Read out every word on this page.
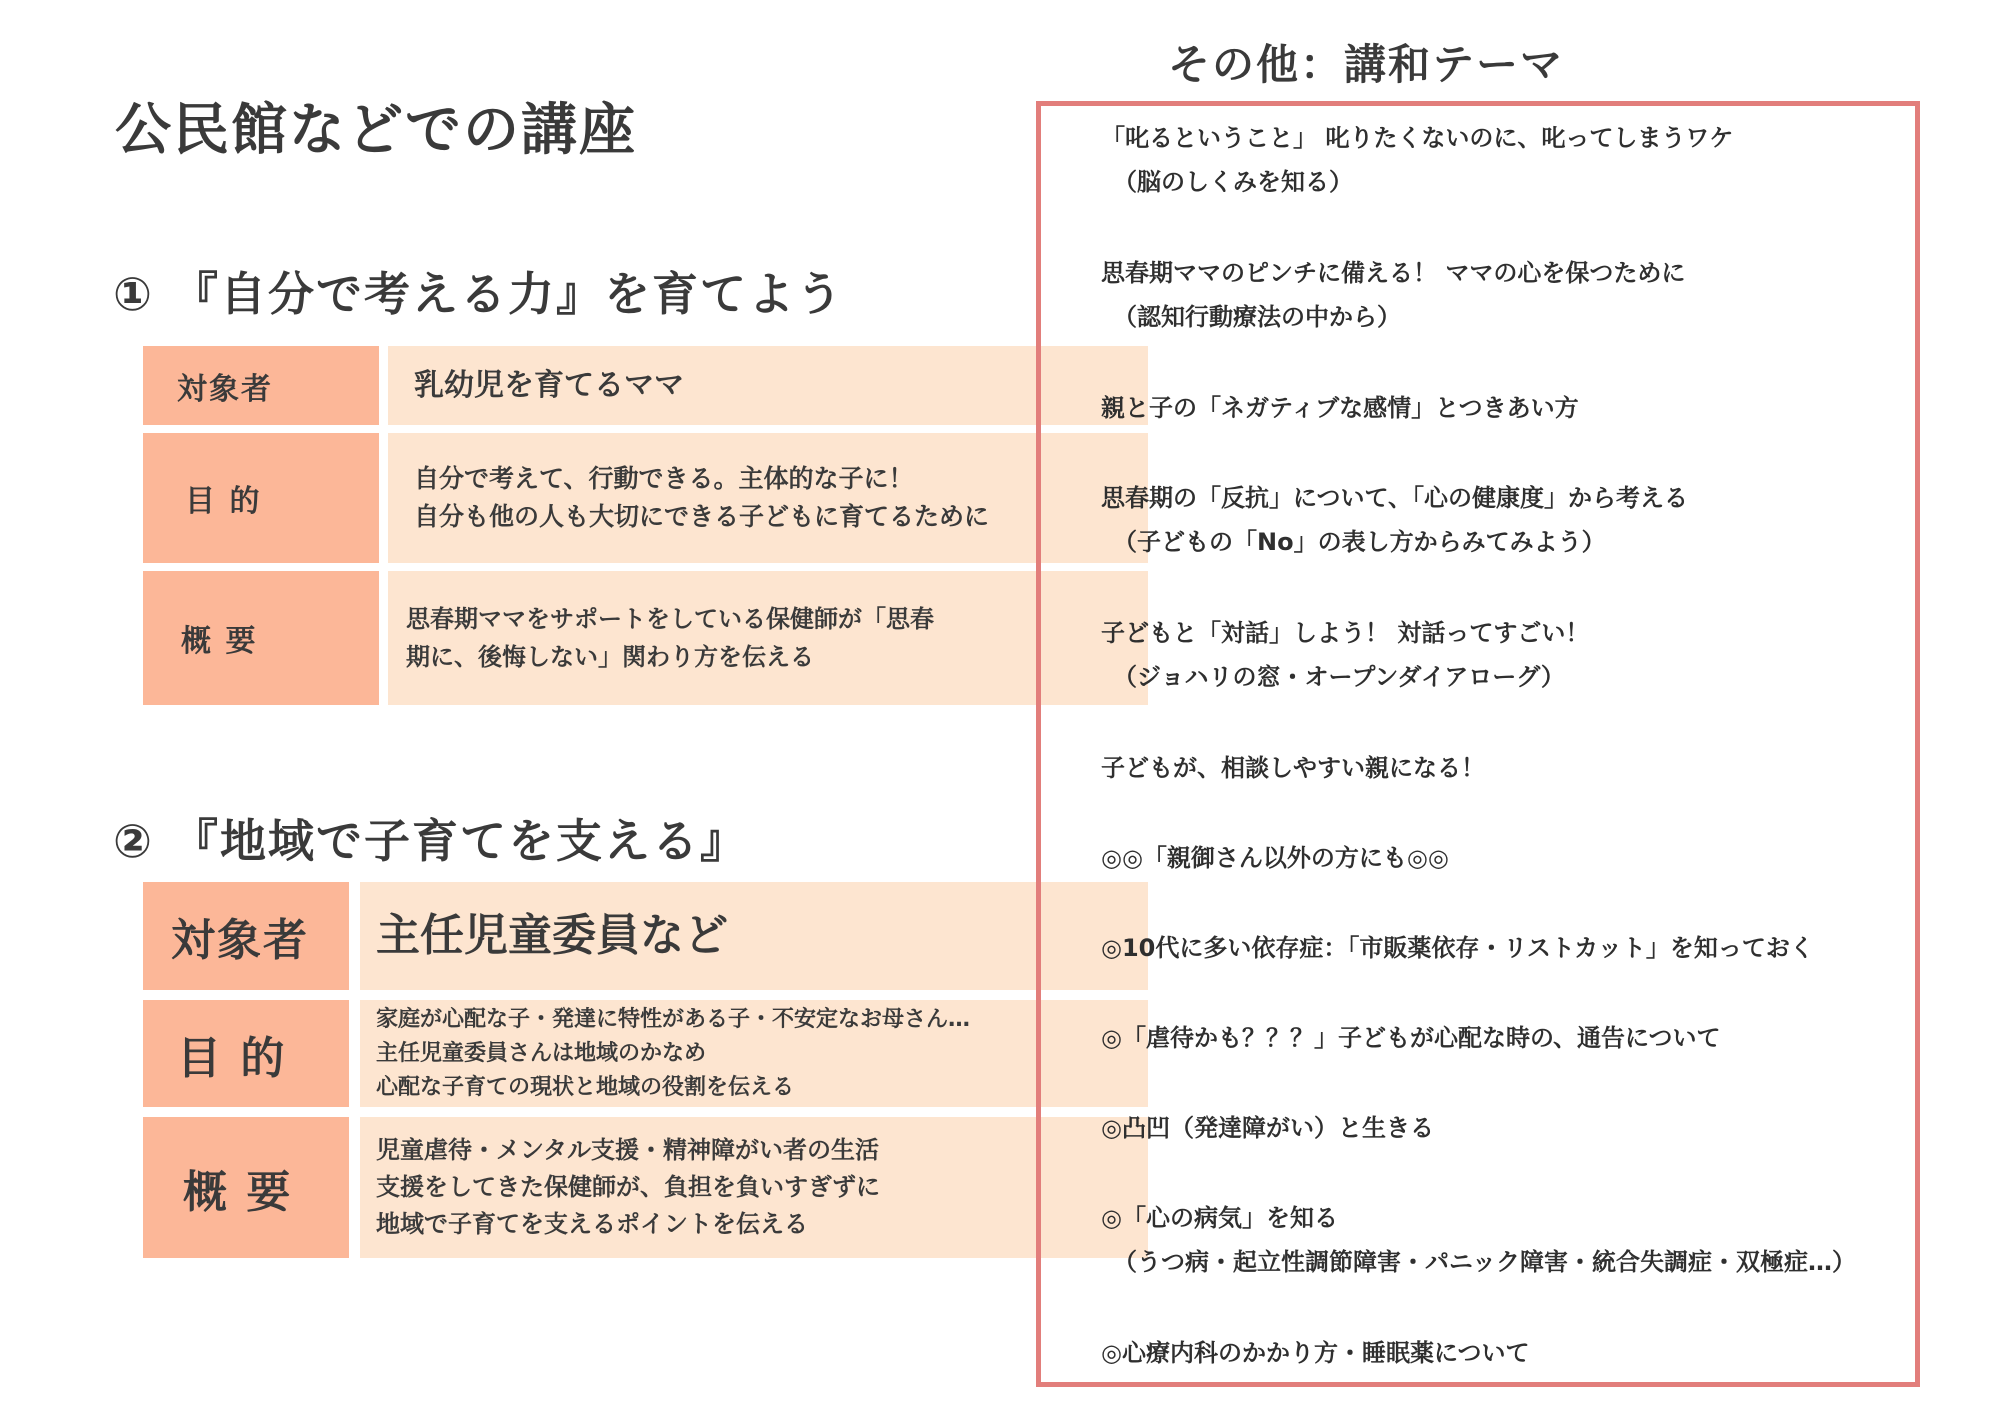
公民館などでの講座
① 『自分で考える力』を育てよう
対象者	乳幼児を育てるママ
目 的
自分で考えて、行動できる。主体的な子に！
自分も他の人も大切にできる子どもに育てるために
概 要
思春期ママをサポートをしている保健師が「思春
期に、後悔しない」関わり方を伝える
② 『地域で子育てを支える』
対象者	主任児童委員など
目 的
家庭が心配な子・発達に特性がある子・不安定なお母さん…
主任児童委員さんは地域のかなめ
心配な子育ての現状と地域の役割を伝える
概 要
児童虐待・メンタル支援・精神障がい者の生活
支援をしてきた保健師が、負担を負いすぎずに
地域で子育てを支えるポイントを伝える
その他：講和テーマ
「叱るということ」 叱りたくないのに、叱ってしまうワケ
（脳のしくみを知る）
思春期ママのピンチに備える！ ママの心を保つために
（認知行動療法の中から）
親と子の「ネガティブな感情」とつきあい方
思春期の「反抗」について、「心の健康度」から考える
（子どもの「No」の表し方からみてみよう）
子どもと「対話」しよう！ 対話ってすごい！
（ジョハリの窓・オープンダイアローグ）
子どもが、相談しやすい親になる！
◎◎「親御さん以外の方にも◎◎
◎10代に多い依存症：「市販薬依存・リストカット」を知っておく
◎「虐待かも？？？」子どもが心配な時の、通告について
◎凸凹（発達障がい）と生きる
◎「心の病気」を知る
（うつ病・起立性調節障害・パニック障害・統合失調症・双極症…）
◎心療内科のかかり方・睡眠薬について
